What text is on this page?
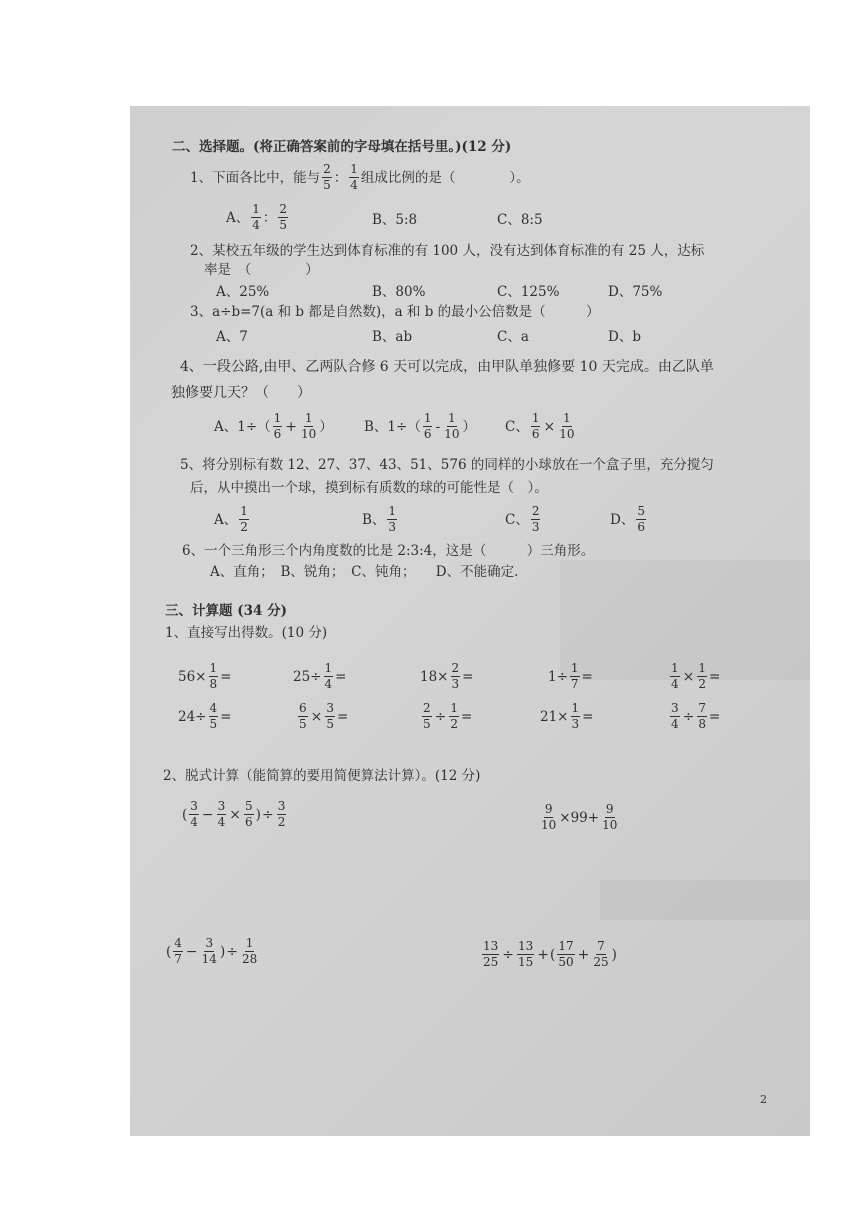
二、选择题。(将正确答案前的字母填在括号里。)(12 分)
1、下面各比中，能与 $\frac{2}{5}$ ： $\frac{1}{4}$ 组成比例的是（　　　　）。
A、 $\frac{1}{4}$ ： $\frac{2}{5}$	B、5:8	C、8:5
2、某校五年级的学生达到体育标准的有 100 人，没有达到体育标准的有 25 人，达标
率是　（　　　　）
A、25%	B、80%	C、125%	D、75%
3、a÷b=7(a 和 b 都是自然数)，a 和 b 的最小公倍数是（　　　）
A、7	B、ab	C、a	D、b
4、一段公路,由甲、乙两队合修 6 天可以完成，由甲队单独修要 10 天完成。由乙队单
独修要几天？（　　）
A、$1\div( \frac{1}{6} + \frac{1}{10}$ ） B、$1\div( \frac{1}{6} - \frac{1}{10}$ ） C、 $\frac{1}{6} \times \frac{1}{10}$
5、将分别标有数 12、27、37、43、51、576 的同样的小球放在一个盒子里，充分搅匀
后，从中摸出一个球，摸到标有质数的球的可能性是（　）。
A、 $\frac{1}{2}$	B、 $\frac{1}{3}$	C、 $\frac{2}{3}$	D、 $\frac{5}{6}$
6、一个三角形三个内角度数的比是 2:3:4，这是（　　　）三角形。
A、直角；　B、锐角；　C、钝角；　　D、不能确定.
三、计算题 (34 分)
1、直接写出得数。(10 分)
$56\times \frac{1}{8}$ =	$25\div \frac{1}{4}$ =	$18\times \frac{2}{3}$ =	$1\div \frac{1}{7}$ =	$\frac{1}{4} \times \frac{1}{2}$ =
$24\div \frac{4}{5}$ =	$\frac{6}{5} \times \frac{3}{5}$ =	$\frac{2}{5} \div \frac{1}{2}$ =	$21\times \frac{1}{3}$ =	$\frac{3}{4} \div \frac{7}{8}$ =
2、脱式计算（能简算的要用简便算法计算）。(12 分)
( $\frac{3}{4} - \frac{3}{4} \times \frac{5}{6}$ ) ÷ $\frac{3}{2}$	$\frac{9}{10} \times 99+ \frac{9}{10}$
( $\frac{4}{7} - \frac{3}{14}$ ) ÷ $\frac{1}{28}$	$\frac{13}{25} \div \frac{13}{15}$ + ( $\frac{17}{50} + \frac{7}{25}$ )
2
